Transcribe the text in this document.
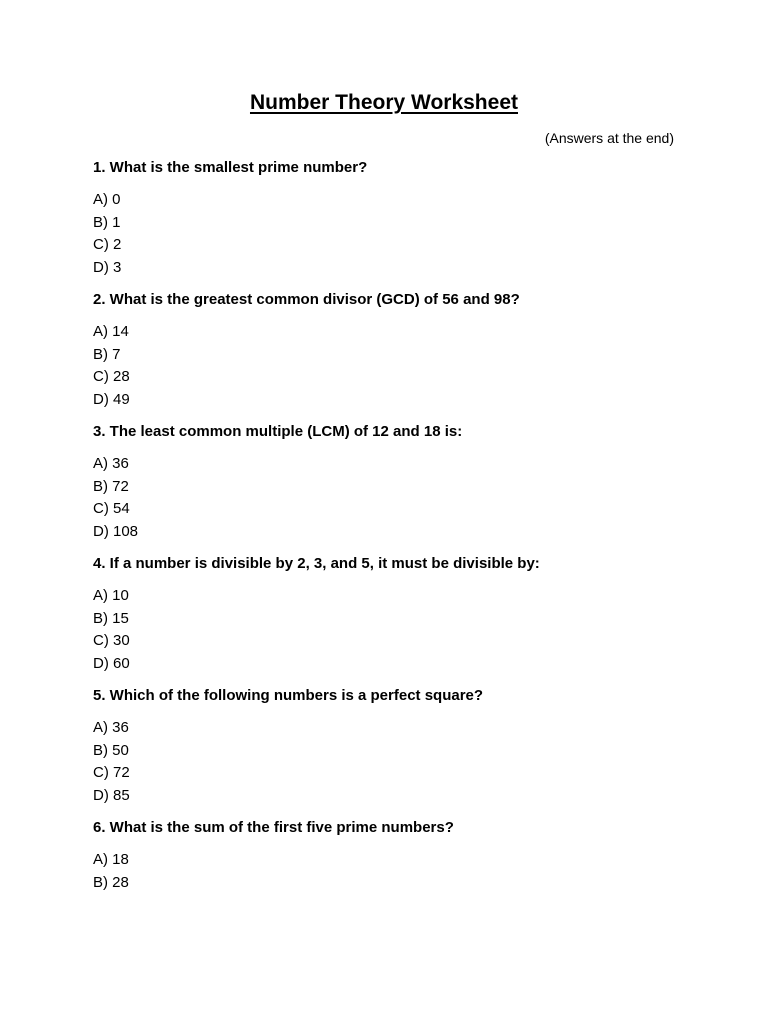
Number Theory Worksheet
(Answers at the end)
1. What is the smallest prime number?
A) 0
B) 1
C) 2
D) 3
2. What is the greatest common divisor (GCD) of 56 and 98?
A) 14
B) 7
C) 28
D) 49
3. The least common multiple (LCM) of 12 and 18 is:
A) 36
B) 72
C) 54
D) 108
4. If a number is divisible by 2, 3, and 5, it must be divisible by:
A) 10
B) 15
C) 30
D) 60
5. Which of the following numbers is a perfect square?
A) 36
B) 50
C) 72
D) 85
6. What is the sum of the first five prime numbers?
A) 18
B) 28
